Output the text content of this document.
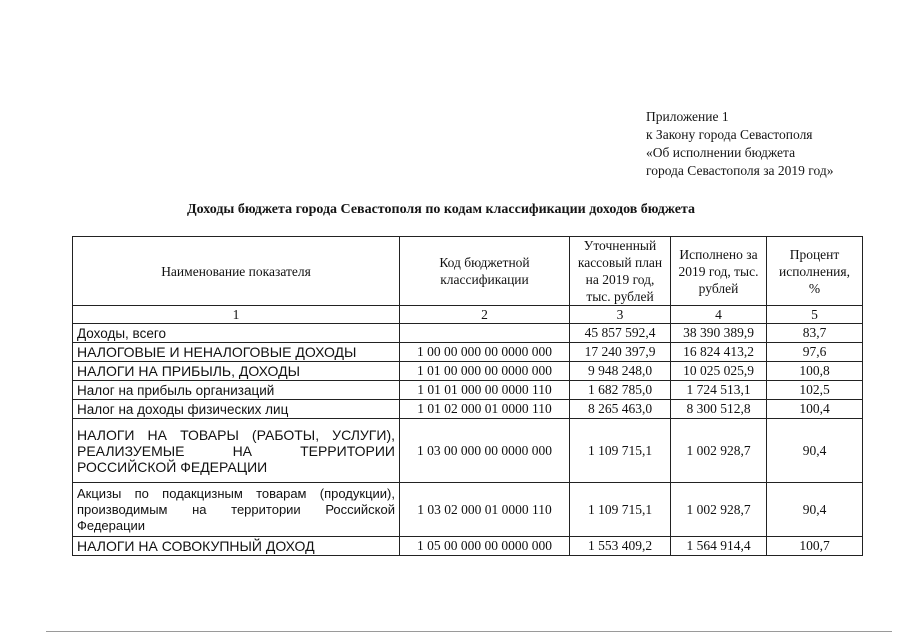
Приложение 1
к Закону города Севастополя
«Об исполнении бюджета
города Севастополя за 2019 год»
Доходы бюджета города Севастополя по кодам классификации доходов бюджета
Наименование показателя	Код бюджетной классификации	Уточненный кассовый план на 2019 год, тыс. рублей	Исполнено за 2019 год, тыс. рублей	Процент исполнения, %
1	2	3	4	5
Доходы, всего		45 857 592,4	38 390 389,9	83,7
НАЛОГОВЫЕ И НЕНАЛОГОВЫЕ ДОХОДЫ	1 00 00 000 00 0000 000	17 240 397,9	16 824 413,2	97,6
НАЛОГИ НА ПРИБЫЛЬ, ДОХОДЫ	1 01 00 000 00 0000 000	9 948 248,0	10 025 025,9	100,8
Налог на прибыль организаций	1 01 01 000 00 0000 110	1 682 785,0	1 724 513,1	102,5
Налог на доходы физических лиц	1 01 02 000 01 0000 110	8 265 463,0	8 300 512,8	100,4
НАЛОГИ НА ТОВАРЫ (РАБОТЫ, УСЛУГИ), РЕАЛИЗУЕМЫЕ НА ТЕРРИТОРИИ РОССИЙСКОЙ ФЕДЕРАЦИИ	1 03 00 000 00 0000 000	1 109 715,1	1 002 928,7	90,4
Акцизы по подакцизным товарам (продукции), производимым на территории Российской Федерации	1 03 02 000 01 0000 110	1 109 715,1	1 002 928,7	90,4
НАЛОГИ НА СОВОКУПНЫЙ ДОХОД	1 05 00 000 00 0000 000	1 553 409,2	1 564 914,4	100,7
